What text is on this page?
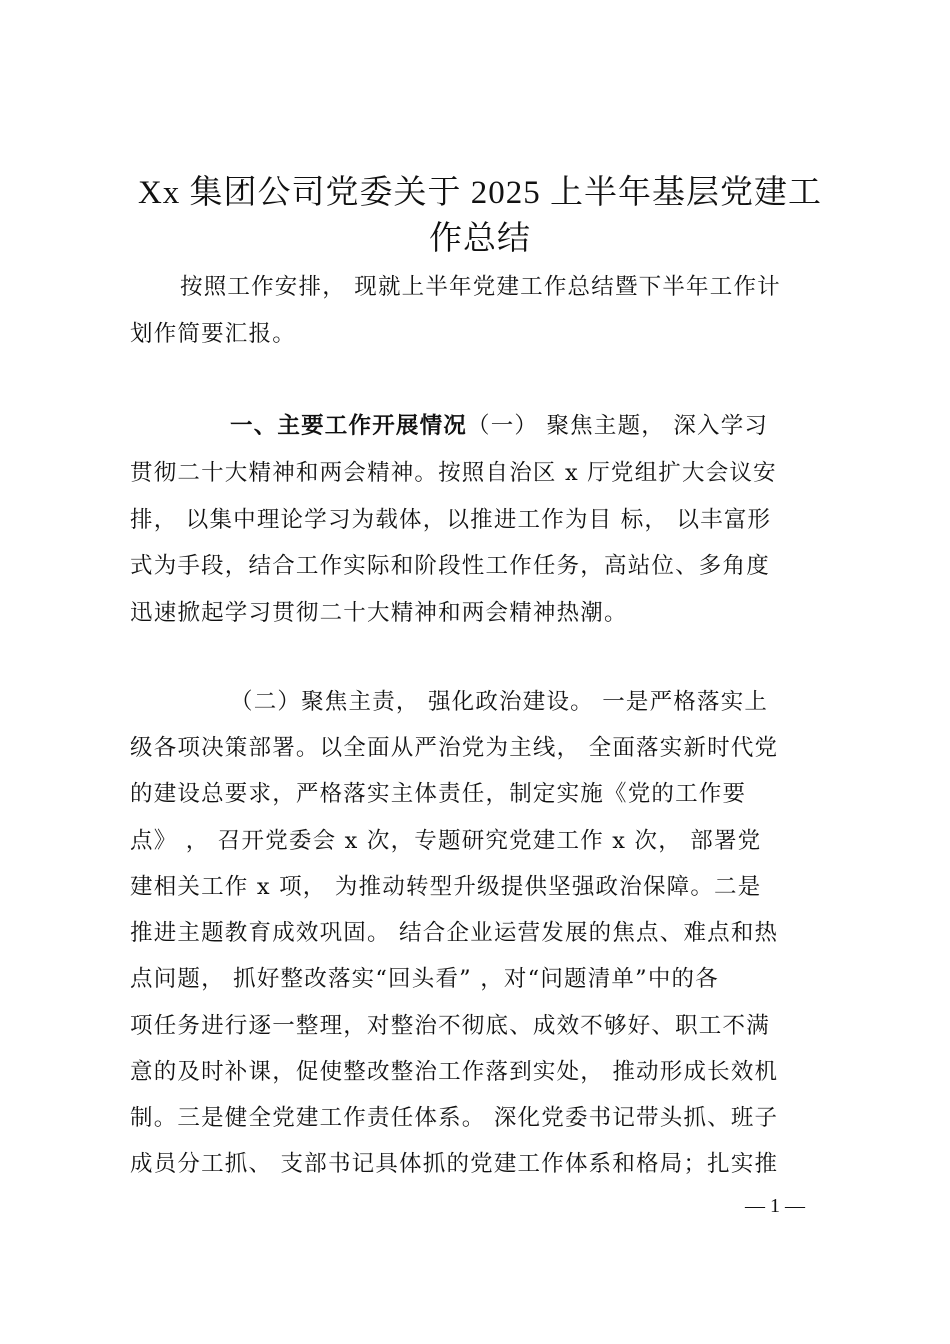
Xx 集团公司党委关于 2025 上半年基层党建工
作总结
按照工作安排， 现就上半年党建工作总结暨下半年工作计
划作简要汇报。
一、主要工作开展情况（一） 聚焦主题， 深入学习
贯彻二十大精神和两会精神。按照自治区 x 厅党组扩大会议安
排， 以集中理论学习为载体，以推进工作为目 标， 以丰富形
式为手段，结合工作实际和阶段性工作任务，高站位、多角度
迅速掀起学习贯彻二十大精神和两会精神热潮。
（二）聚焦主责， 强化政治建设。 一是严格落实上
级各项决策部署。以全面从严治党为主线， 全面落实新时代党
的建设总要求，严格落实主体责任，制定实施《党的工作要
点》 ， 召开党委会 x 次，专题研究党建工作 x 次， 部署党
建相关工作 x 项， 为推动转型升级提供坚强政治保障。二是
推进主题教育成效巩固。 结合企业运营发展的焦点、难点和热
点问题， 抓好整改落实“回头看” ，对“问题清单”中的各
项任务进行逐一整理，对整治不彻底、成效不够好、职工不满
意的及时补课，促使整改整治工作落到实处， 推动形成长效机
制。三是健全党建工作责任体系。 深化党委书记带头抓、班子
成员分工抓、 支部书记具体抓的党建工作体系和格局；扎实推
— 1 —
